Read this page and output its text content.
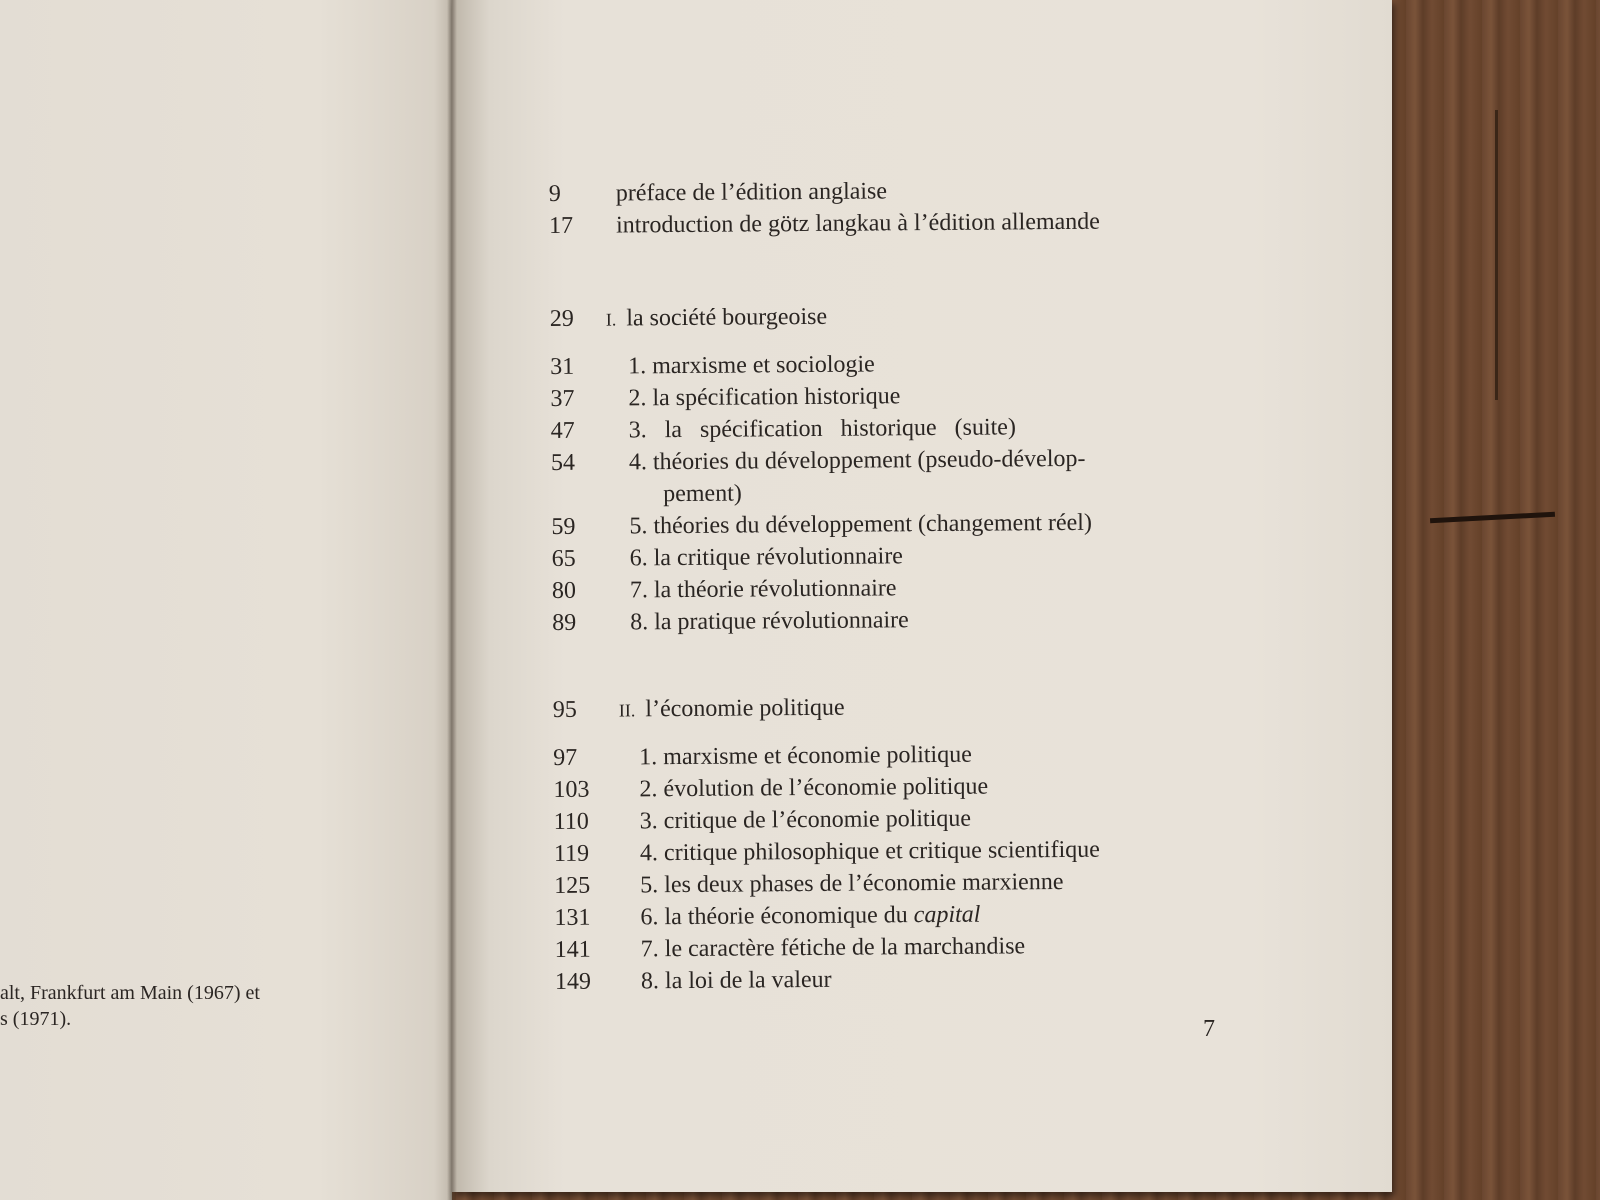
alt, Frankfurt am Main (1967) et
s (1971).
9	préface de l’édition anglaise
17	introduction de götz langkau à l’édition allemande
29	I. la société bourgeoise
31	1. marxisme et sociologie
37	2. la spécification historique
47	3. la spécification historique (suite)
54	4. théories du développement (pseudo-dévelop-
pement)
59	5. théories du développement (changement réel)
65	6. la critique révolutionnaire
80	7. la théorie révolutionnaire
89	8. la pratique révolutionnaire
95	II. l’économie politique
97	1. marxisme et économie politique
103	2. évolution de l’économie politique
110	3. critique de l’économie politique
119	4. critique philosophique et critique scientifique
125	5. les deux phases de l’économie marxienne
131	6. la théorie économique du capital
141	7. le caractère fétiche de la marchandise
149	8. la loi de la valeur
7
